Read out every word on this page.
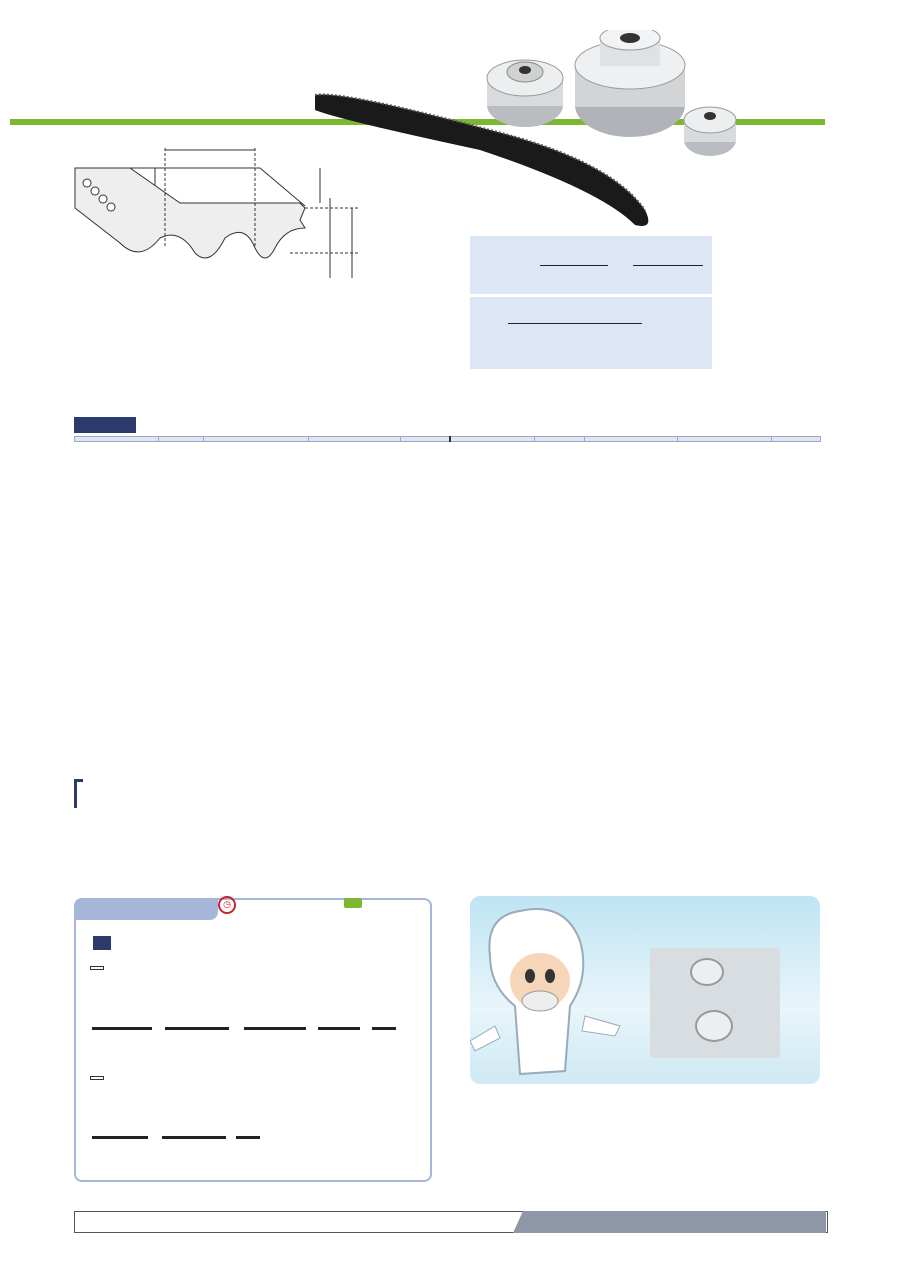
◷
